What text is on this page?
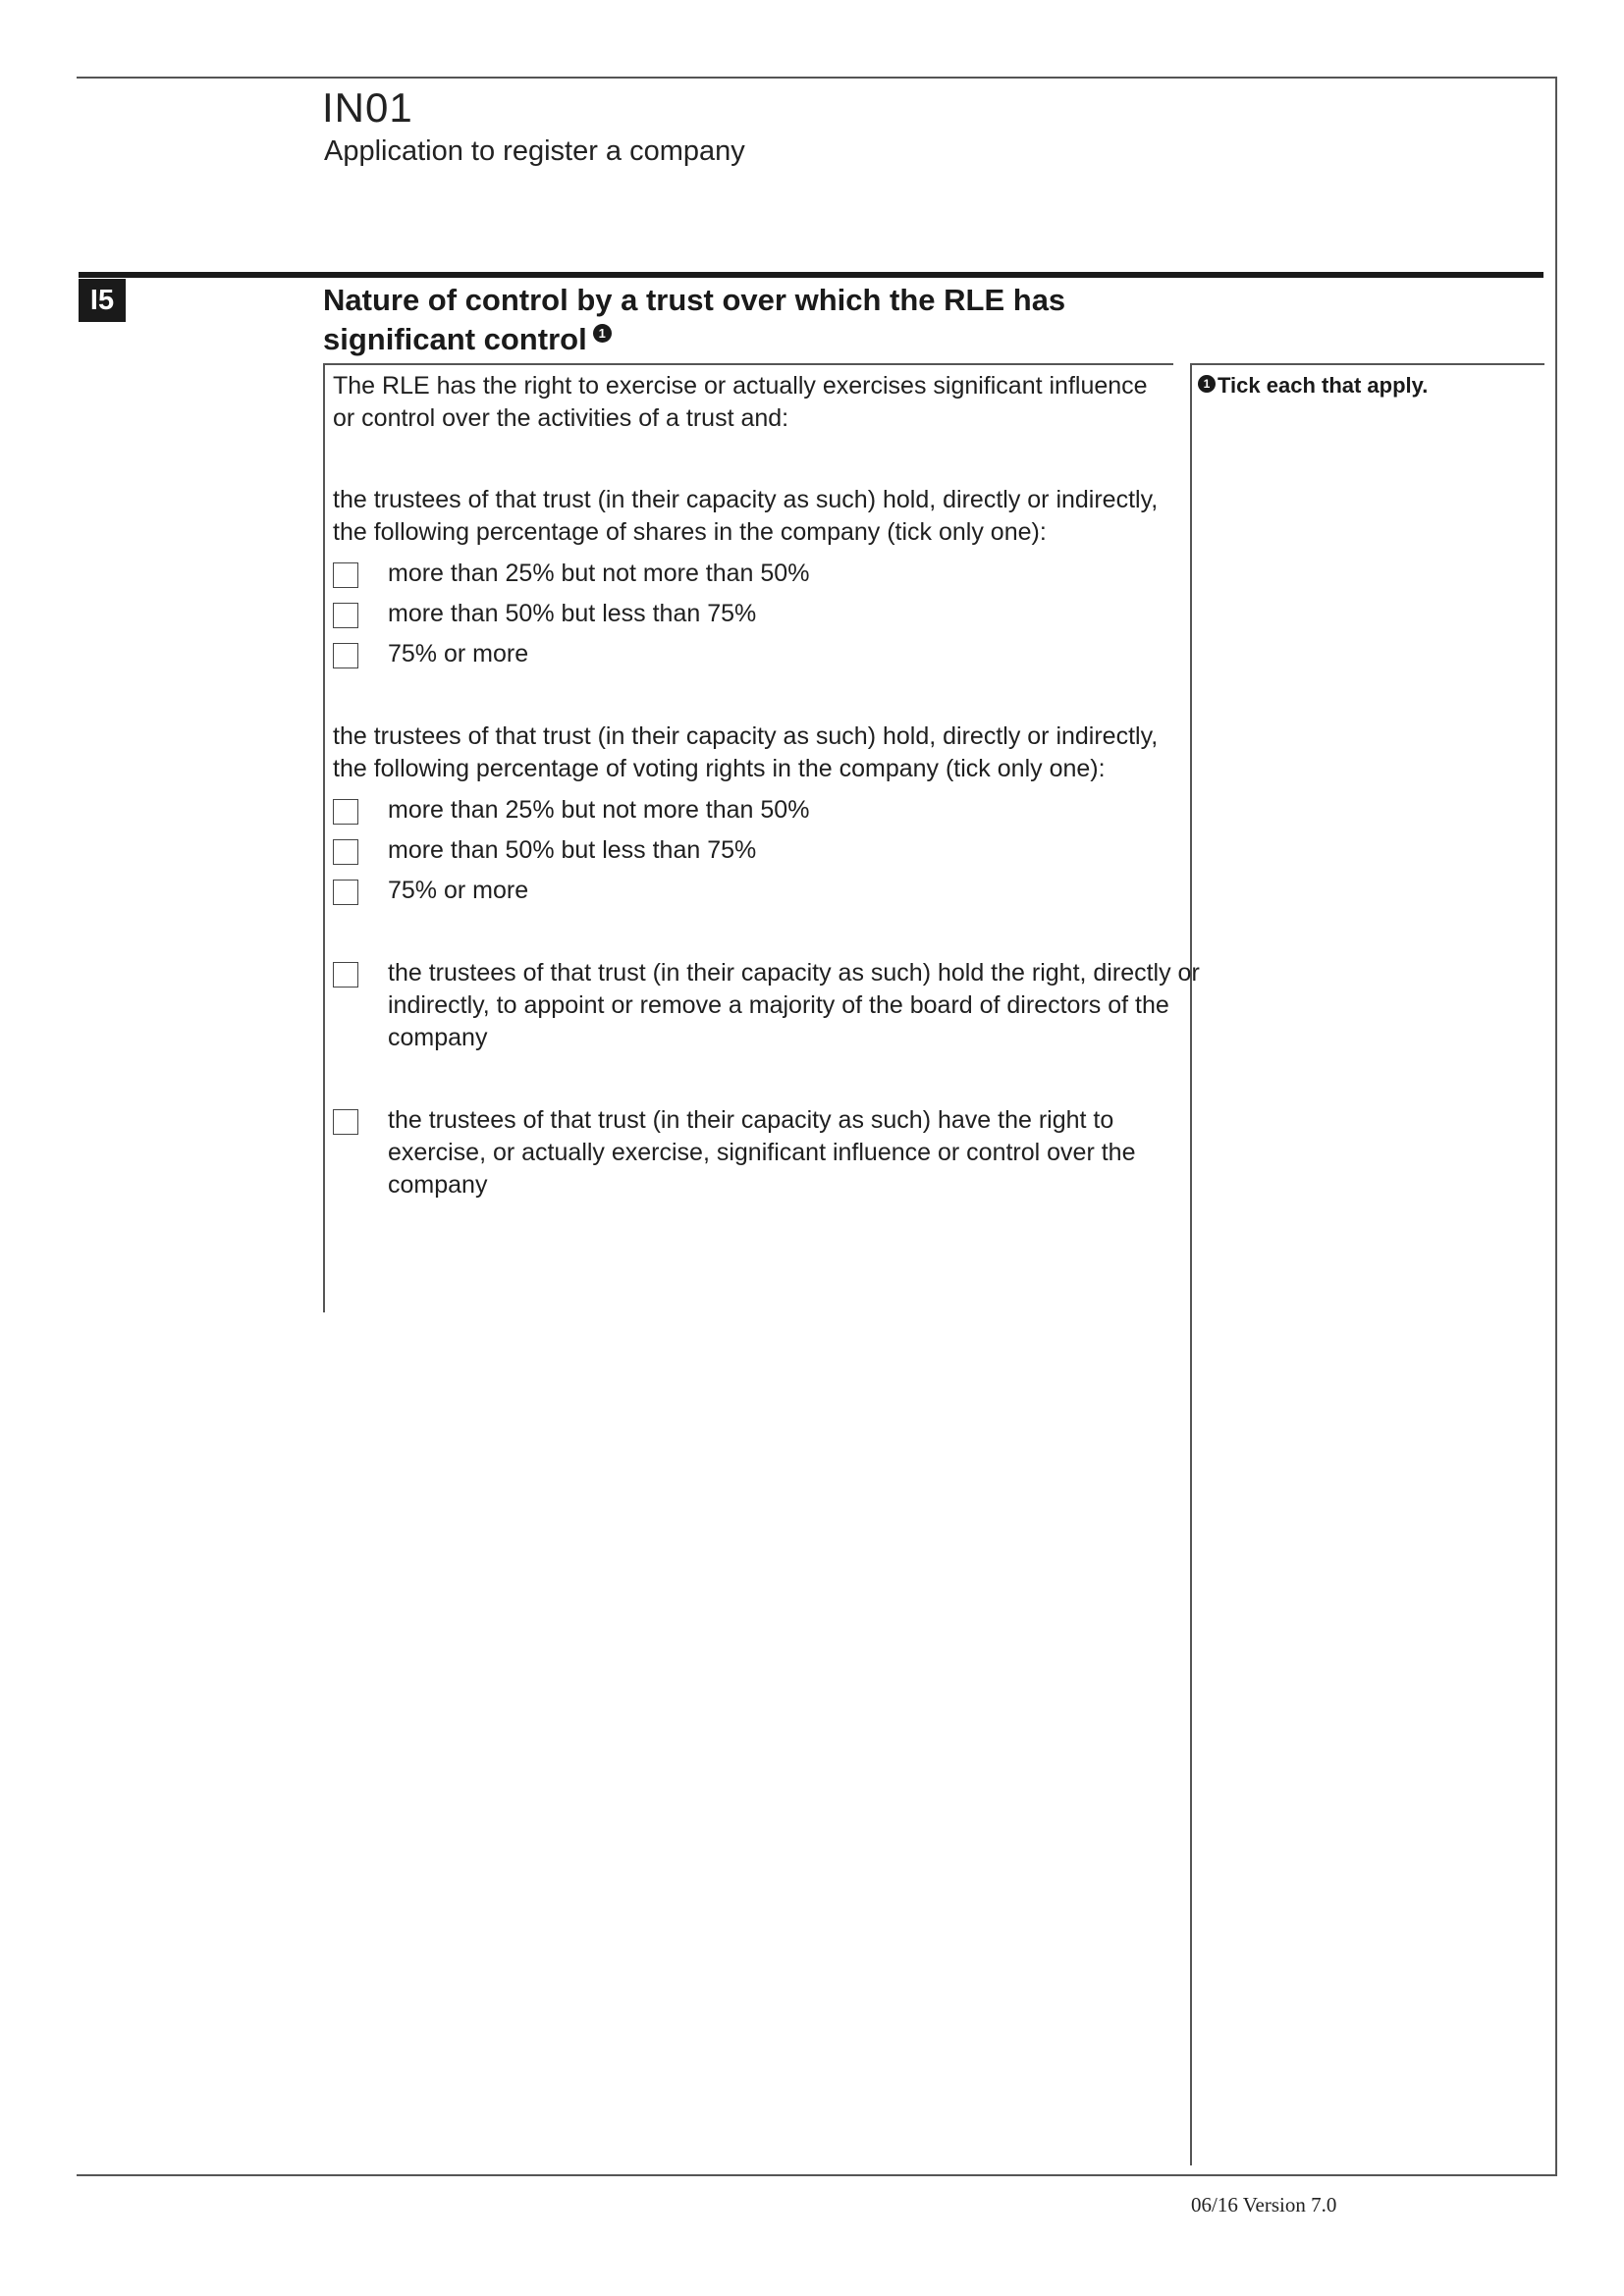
IN01
Application to register a company
I5	Nature of control by a trust over which the RLE has significant control 1
The RLE has the right to exercise or actually exercises significant influence or control over the activities of a trust and:
the trustees of that trust (in their capacity as such) hold, directly or indirectly, the following percentage of shares in the company (tick only one):
more than 25% but not more than 50%
more than 50% but less than 75%
75% or more
the trustees of that trust (in their capacity as such) hold, directly or indirectly, the following percentage of voting rights in the company (tick only one):
more than 25% but not more than 50%
more than 50% but less than 75%
75% or more
the trustees of that trust (in their capacity as such) hold the right, directly or indirectly, to appoint or remove a majority of the board of directors of the company
the trustees of that trust (in their capacity as such) have the right to exercise, or actually exercise, significant influence or control over the company
1 Tick each that apply.
06/16 Version 7.0
